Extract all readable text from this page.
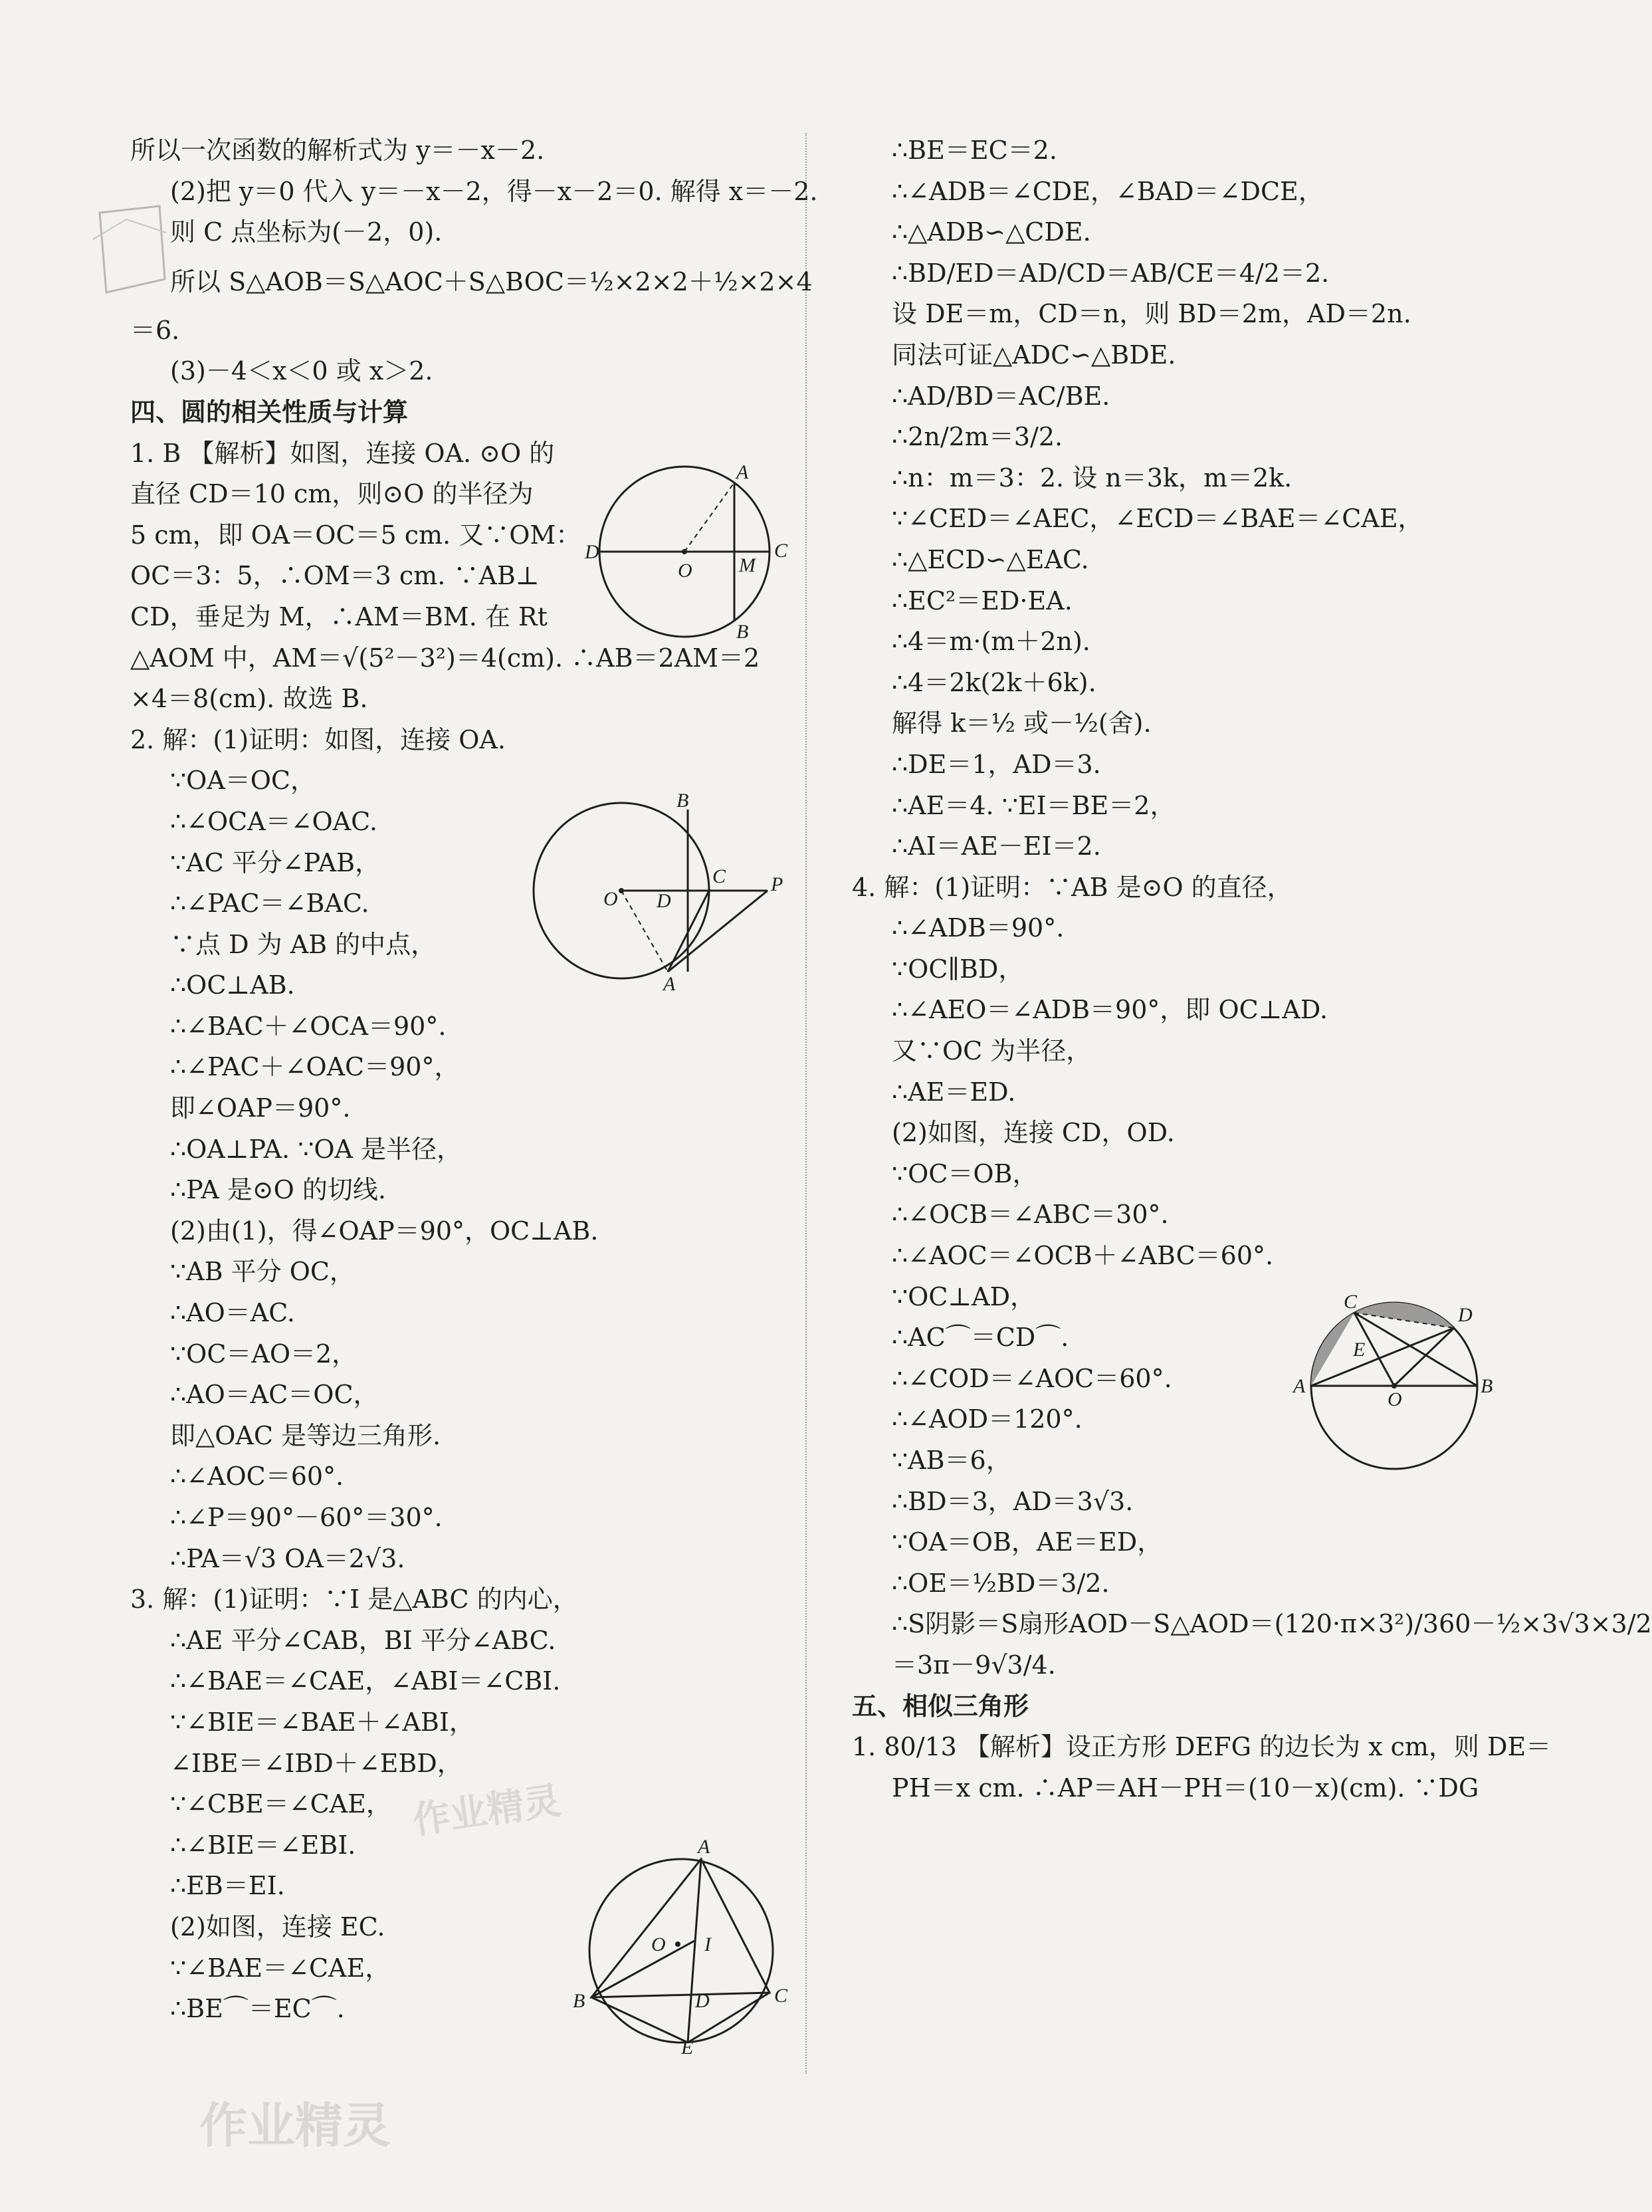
所以一次函数的解析式为 y＝－x－2.
(2)把 y＝0 代入 y＝－x－2，得－x－2＝0. 解得 x＝－2.
则 C 点坐标为(－2，0).
所以 S△AOB＝S△AOC＋S△BOC＝½×2×2＋½×2×4
＝6.
(3)－4＜x＜0 或 x＞2.
四、圆的相关性质与计算
1. B 【解析】如图，连接 OA. ⊙O 的
直径 CD＝10 cm，则⊙O 的半径为
5 cm，即 OA＝OC＝5 cm. 又∵OM：
OC＝3：5，∴OM＝3 cm. ∵AB⊥
CD，垂足为 M，∴AM＝BM. 在 Rt
△AOM 中，AM＝√(5²－3²)＝4(cm). ∴AB＝2AM＝2
×4＝8(cm). 故选 B.
2. 解：(1)证明：如图，连接 OA.
∵OA＝OC，
∴∠OCA＝∠OAC.
∵AC 平分∠PAB，
∴∠PAC＝∠BAC.
∵点 D 为 AB 的中点，
∴OC⊥AB.
∴∠BAC＋∠OCA＝90°.
∴∠PAC＋∠OAC＝90°，
即∠OAP＝90°.
∴OA⊥PA. ∵OA 是半径，
∴PA 是⊙O 的切线.
(2)由(1)，得∠OAP＝90°，OC⊥AB.
∵AB 平分 OC，
∴AO＝AC.
∵OC＝AO＝2，
∴AO＝AC＝OC，
即△OAC 是等边三角形.
∴∠AOC＝60°.
∴∠P＝90°－60°＝30°.
∴PA＝√3 OA＝2√3.
3. 解：(1)证明：∵I 是△ABC 的内心，
∴AE 平分∠CAB，BI 平分∠ABC.
∴∠BAE＝∠CAE，∠ABI＝∠CBI.
∵∠BIE＝∠BAE＋∠ABI，
∠IBE＝∠IBD＋∠EBD，
∵∠CBE＝∠CAE，
∴∠BIE＝∠EBI.
∴EB＝EI.
(2)如图，连接 EC.
∵∠BAE＝∠CAE，
∴BE⌒＝EC⌒.
∴BE＝EC＝2.
∴∠ADB＝∠CDE，∠BAD＝∠DCE，
∴△ADB∽△CDE.
∴BD/ED＝AD/CD＝AB/CE＝4/2＝2.
设 DE＝m，CD＝n，则 BD＝2m，AD＝2n.
同法可证△ADC∽△BDE.
∴AD/BD＝AC/BE.
∴2n/2m＝3/2.
∴n：m＝3：2. 设 n＝3k，m＝2k.
∵∠CED＝∠AEC，∠ECD＝∠BAE＝∠CAE，
∴△ECD∽△EAC.
∴EC²＝ED·EA.
∴4＝m·(m＋2n).
∴4＝2k(2k＋6k).
解得 k＝½ 或－½(舍).
∴DE＝1，AD＝3.
∴AE＝4. ∵EI＝BE＝2，
∴AI＝AE－EI＝2.
4. 解：(1)证明：∵AB 是⊙O 的直径，
∴∠ADB＝90°.
∵OC∥BD，
∴∠AEO＝∠ADB＝90°，即 OC⊥AD.
又∵OC 为半径，
∴AE＝ED.
(2)如图，连接 CD，OD.
∵OC＝OB，
∴∠OCB＝∠ABC＝30°.
∴∠AOC＝∠OCB＋∠ABC＝60°.
∵OC⊥AD，
∴AC⌒＝CD⌒.
∴∠COD＝∠AOC＝60°.
∴∠AOD＝120°.
∵AB＝6，
∴BD＝3，AD＝3√3.
∵OA＝OB，AE＝ED，
∴OE＝½BD＝3/2.
∴S阴影＝S扇形AOD－S△AOD＝(120·π×3²)/360－½×3√3×3/2
＝3π－9√3/4.
五、相似三角形
1. 80/13 【解析】设正方形 DEFG 的边长为 x cm，则 DE＝
PH＝x cm. ∴AP＝AH－PH＝(10－x)(cm). ∵DG
A
D
O M
C
B
B
O D
C P
A
A
O I
B	D	C
E
C
D
E
A
O
B
作业精灵
作业精灵
